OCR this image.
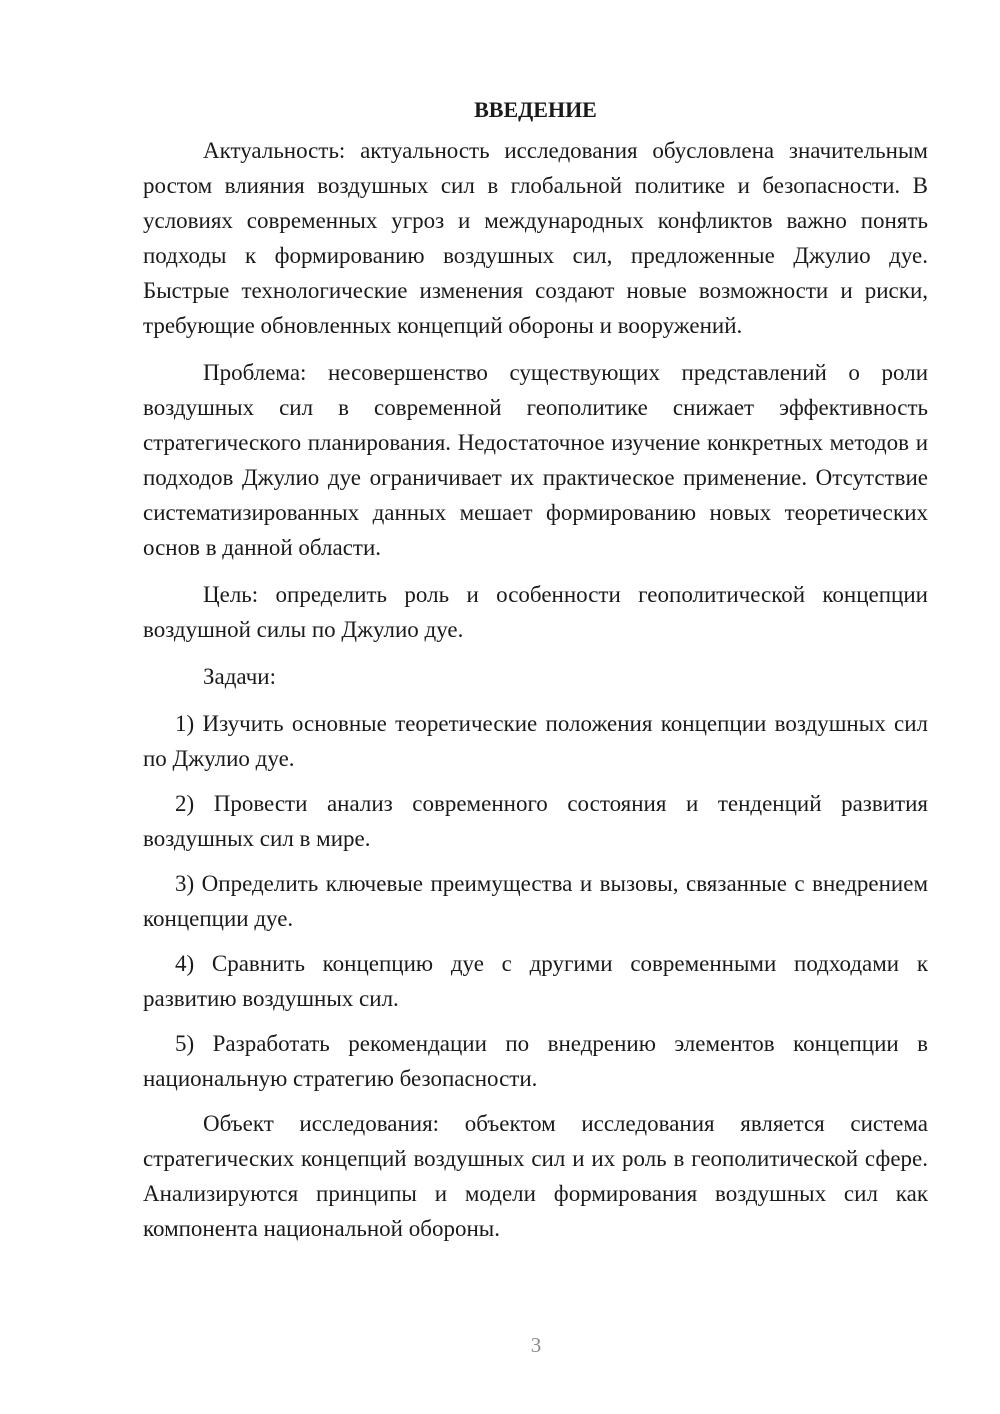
ВВЕДЕНИЕ

Актуальность: актуальность исследования обусловлена значительным ростом влияния воздушных сил в глобальной политике и безопасности. В условиях современных угроз и международных конфликтов важно понять подходы к формированию воздушных сил, предложенные Джулио дуе. Быстрые технологические изменения создают новые возможности и риски, требующие обновленных концепций обороны и вооружений.

Проблема: несовершенство существующих представлений о роли воздушных сил в современной геополитике снижает эффективность стратегического планирования. Недостаточное изучение конкретных методов и подходов Джулио дуе ограничивает их практическое применение. Отсутствие систематизированных данных мешает формированию новых теоретических основ в данной области.

Цель: определить роль и особенности геополитической концепции воздушной силы по Джулио дуе.

Задачи:

1) Изучить основные теоретические положения концепции воздушных сил по Джулио дуе.

2) Провести анализ современного состояния и тенденций развития воздушных сил в мире.

3) Определить ключевые преимущества и вызовы, связанные с внедрением концепции дуе.

4) Сравнить концепцию дуе с другими современными подходами к развитию воздушных сил.

5) Разработать рекомендации по внедрению элементов концепции в национальную стратегию безопасности.

Объект исследования: объектом исследования является система стратегических концепций воздушных сил и их роль в геополитической сфере. Анализируются принципы и модели формирования воздушных сил как компонента национальной обороны.

3
